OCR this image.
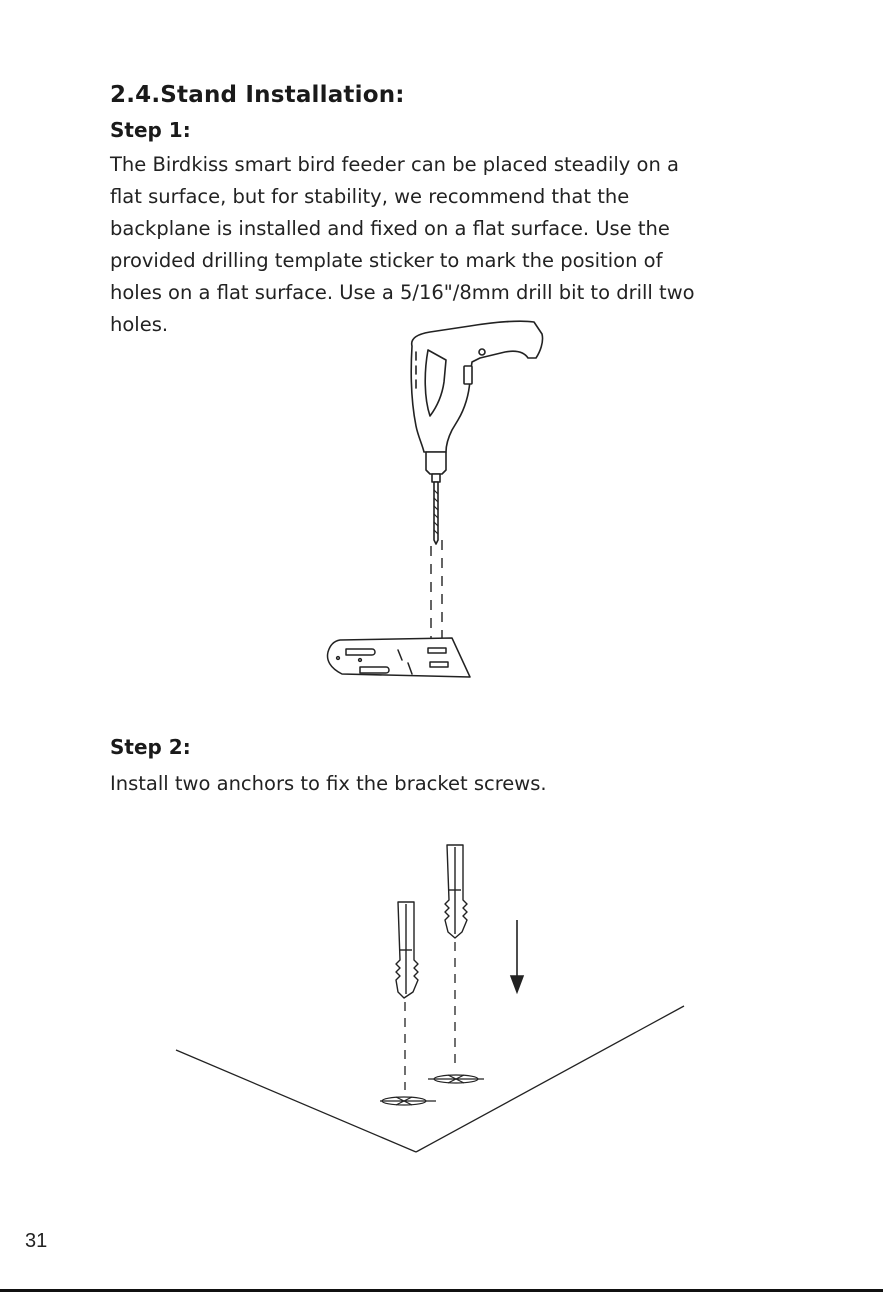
2.4.Stand Installation:
Step 1:

The Birdkiss smart bird feeder can be placed steadily on a
flat surface, but for stability, we recommend that the
backplane is installed and fixed on a flat surface. Use the
provided drilling template sticker to mark the position of
holes on a flat surface. Use a 5/16"/8mm drill bit to drill two
holes.

Step 2:

Install two anchors to fix the bracket screws.

31
